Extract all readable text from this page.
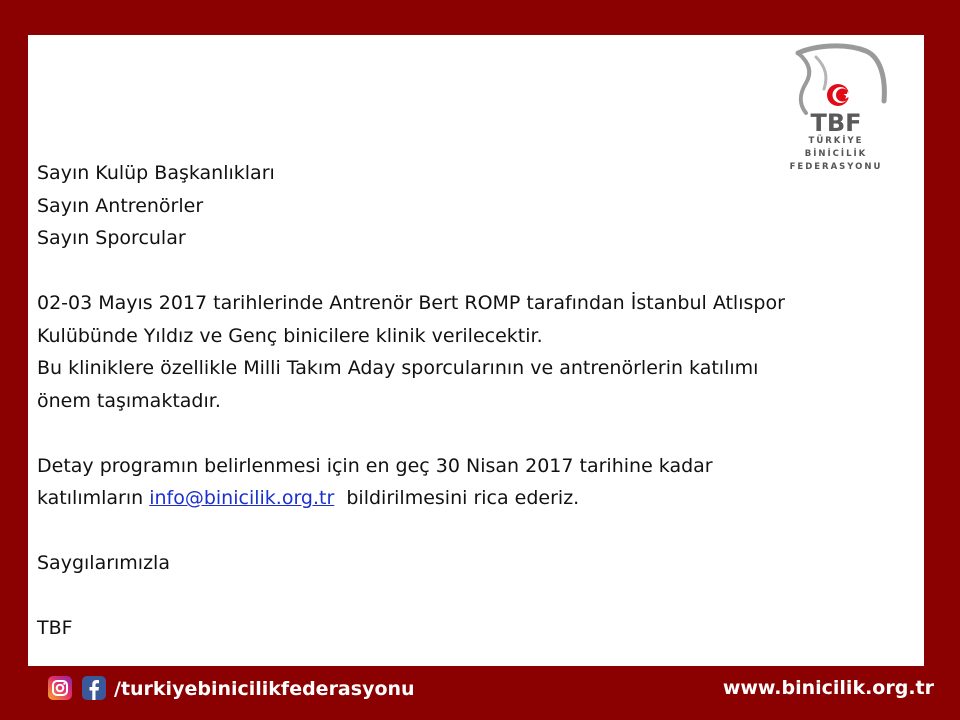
TBF
TÜRKİYE BİNİCİLİK
FEDERASYONU

Sayın Kulüp Başkanlıkları

Sayın Antrenörler

Sayın Sporcular

02-03 Mayıs 2017 tarihlerinde Antrenör Bert ROMP tarafından İstanbul Atlıspor

Kulübünde Yıldız ve Genç binicilere klinik verilecektir.

Bu kliniklere özellikle Milli Takım Aday sporcularının ve antrenörlerin katılımı

önem taşımaktadır.

Detay programın belirlenmesi için en geç 30 Nisan 2017 tarihine kadar

katılımların info@binicilik.org.tr  bildirilmesini rica ederiz.

Saygılarımızla

TBF

/turkiyebinicilikfederasyonu	www.binicilik.org.tr
